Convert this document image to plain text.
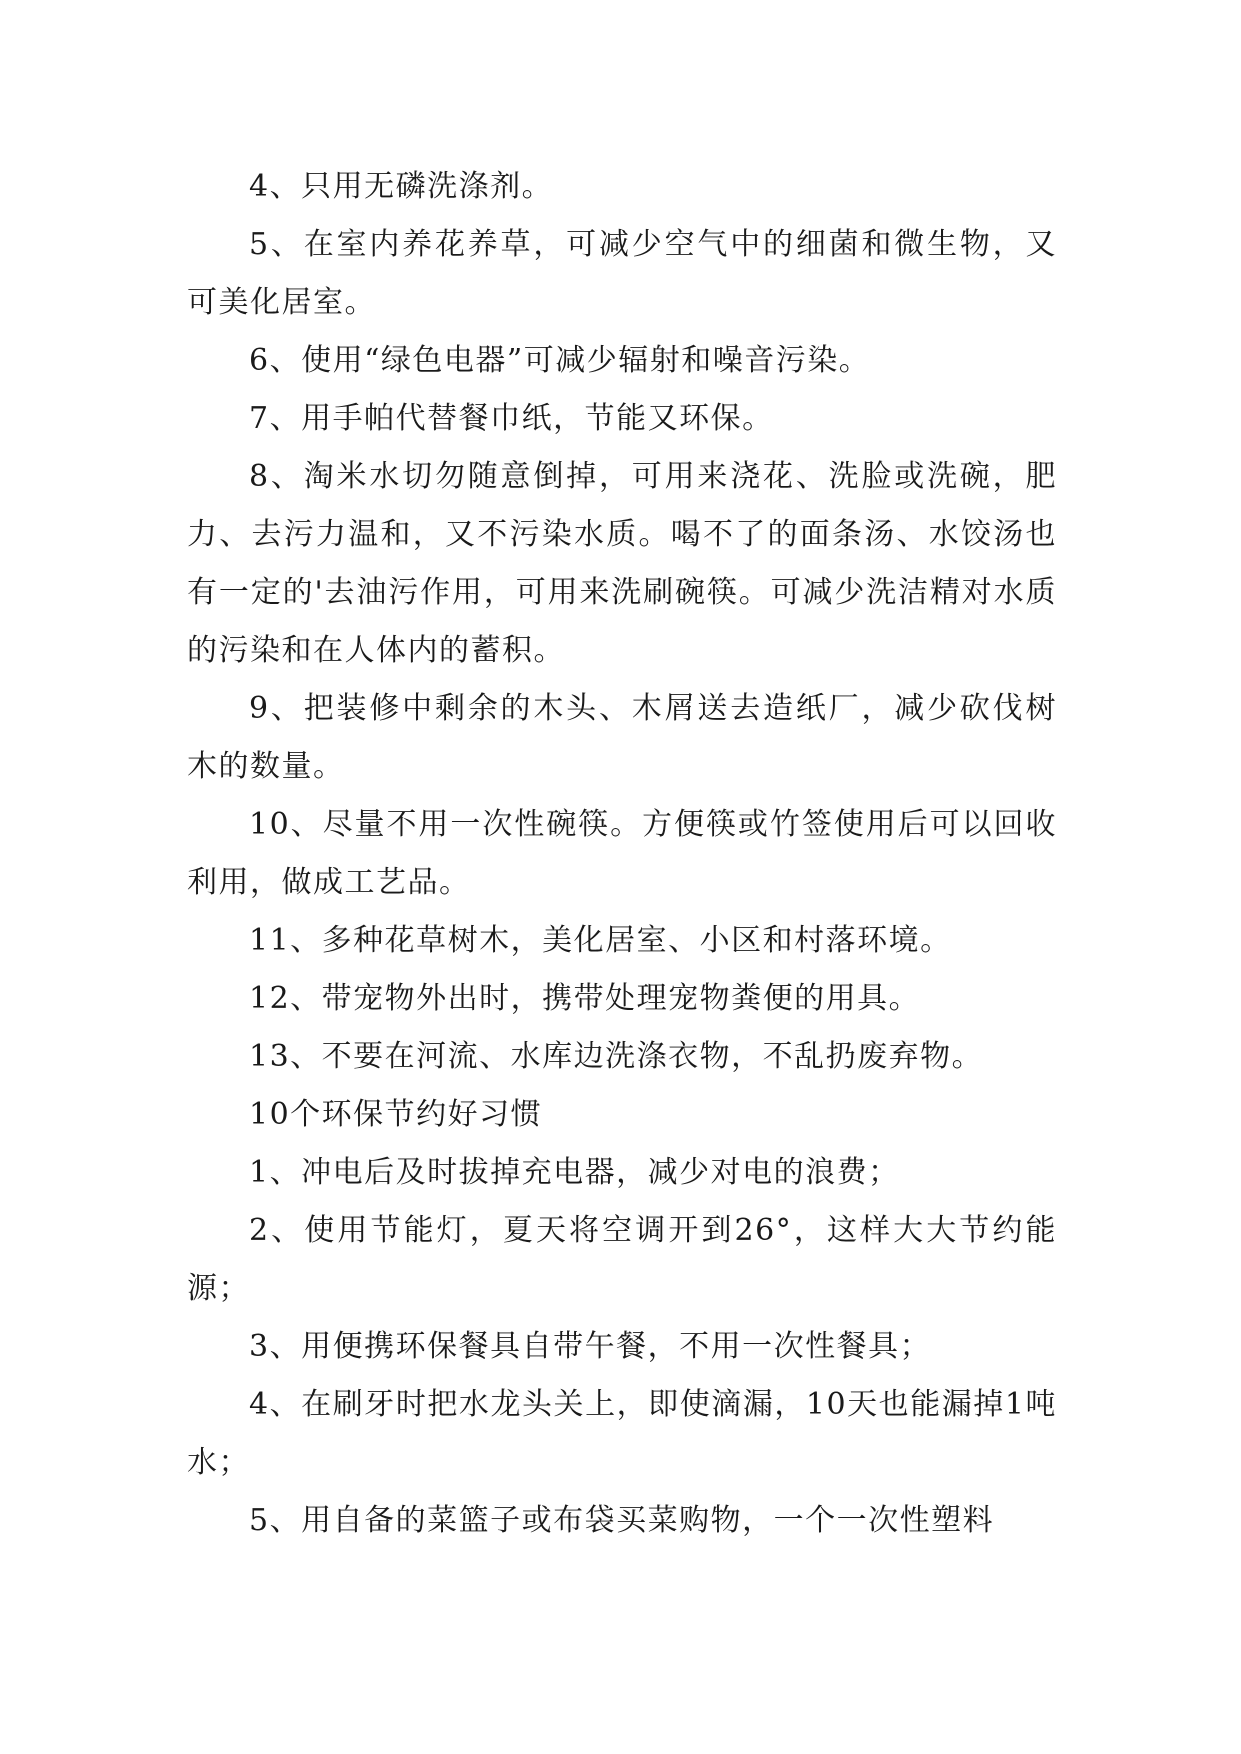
4、只用无磷洗涤剂。

5、在室内养花养草，可减少空气中的细菌和微生物，又可美化居室。

6、使用“绿色电器”可减少辐射和噪音污染。

7、用手帕代替餐巾纸，节能又环保。

8、淘米水切勿随意倒掉，可用来浇花、洗脸或洗碗，肥力、去污力温和，又不污染水质。喝不了的面条汤、水饺汤也有一定的'去油污作用，可用来洗刷碗筷。可减少洗洁精对水质的污染和在人体内的蓄积。

9、把装修中剩余的木头、木屑送去造纸厂，减少砍伐树木的数量。

10、尽量不用一次性碗筷。方便筷或竹签使用后可以回收利用，做成工艺品。

11、多种花草树木，美化居室、小区和村落环境。

12、带宠物外出时，携带处理宠物粪便的用具。

13、不要在河流、水库边洗涤衣物，不乱扔废弃物。

10个环保节约好习惯

1、冲电后及时拔掉充电器，减少对电的浪费；

2、使用节能灯，夏天将空调开到26°，这样大大节约能源；

3、用便携环保餐具自带午餐，不用一次性餐具；

4、在刷牙时把水龙头关上，即使滴漏，10天也能漏掉1吨水；

5、用自备的菜篮子或布袋买菜购物，一个一次性塑料
